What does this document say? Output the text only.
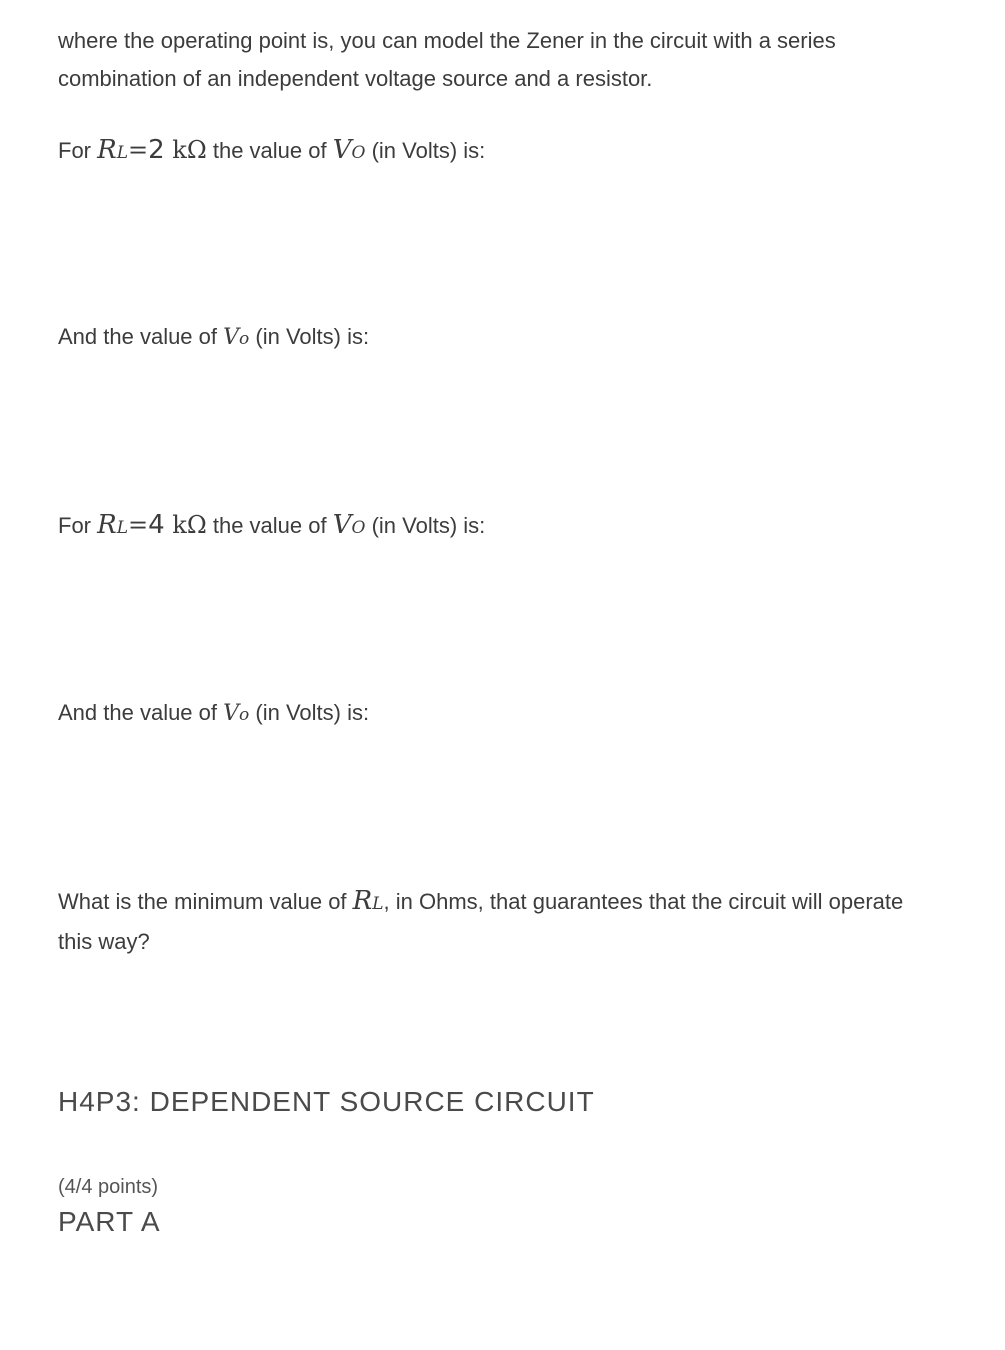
where the operating point is, you can model the Zener in the circuit with a series
combination of an independent voltage source and a resistor.

For RL=2 kΩ the value of VO (in Volts) is:

And the value of Vo (in Volts) is:

For RL=4 kΩ the value of VO (in Volts) is:

And the value of Vo (in Volts) is:

What is the minimum value of RL, in Ohms, that guarantees that the circuit will operate
this way?

H4P3: DEPENDENT SOURCE CIRCUIT
(4/4 points)
PART A
